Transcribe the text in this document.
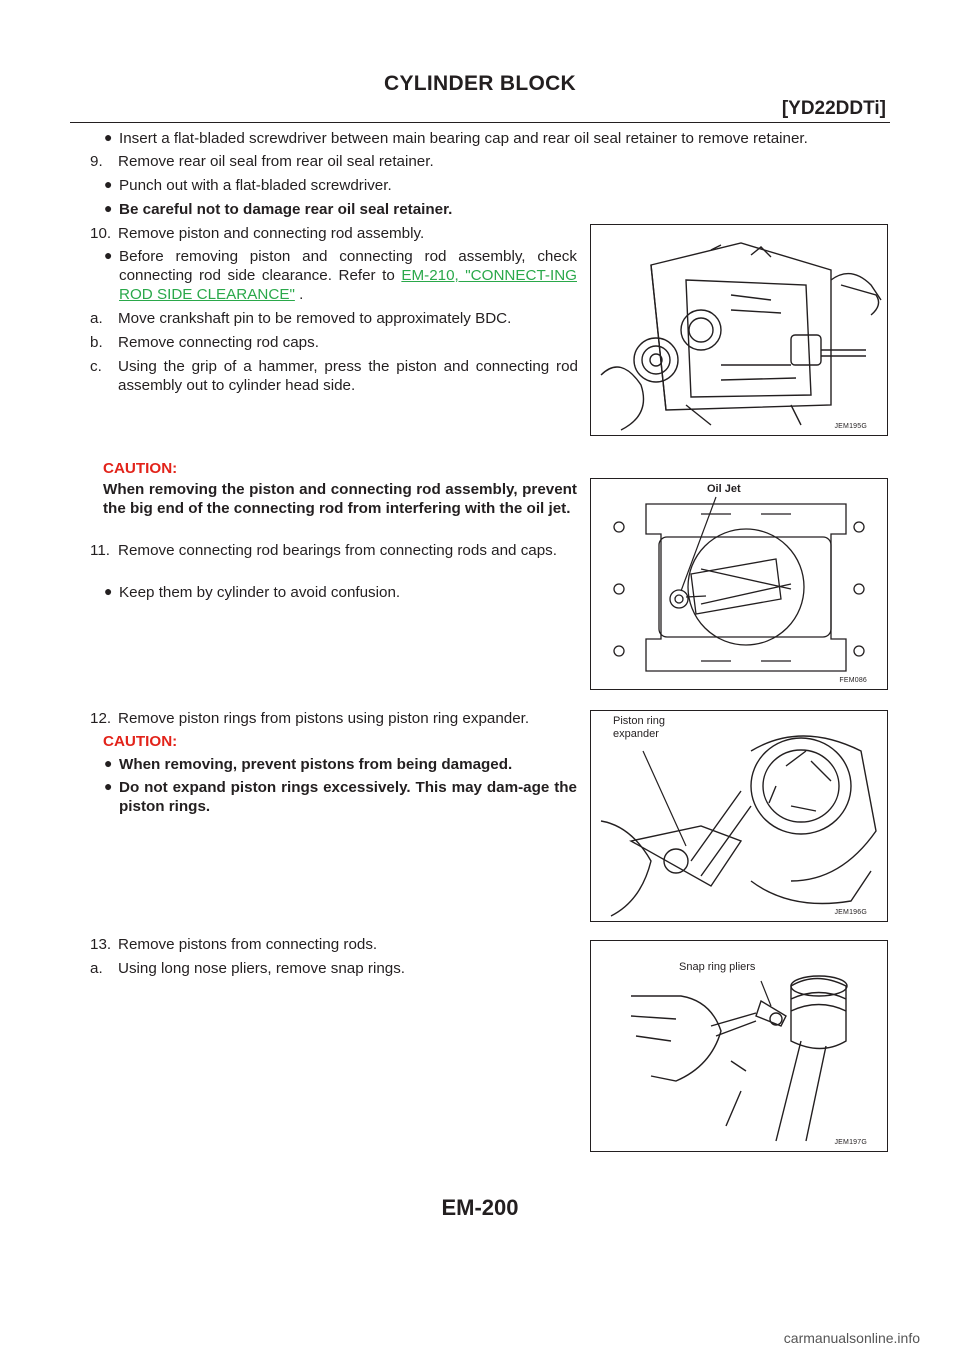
CYLINDER BLOCK
[YD22DDTi]
● Insert a flat-bladed screwdriver between main bearing cap and rear oil seal retainer to remove retainer.
9. Remove rear oil seal from rear oil seal retainer.
● Punch out with a flat-bladed screwdriver.
● Be careful not to damage rear oil seal retainer.
10. Remove piston and connecting rod assembly.
● Before removing piston and connecting rod assembly, check connecting rod side clearance. Refer to EM-210, "CONNECT-ING ROD SIDE CLEARANCE" .
a. Move crankshaft pin to be removed to approximately BDC.
b. Remove connecting rod caps.
c. Using the grip of a hammer, press the piston and connecting rod assembly out to cylinder head side.
CAUTION:
When removing the piston and connecting rod assembly, prevent the big end of the connecting rod from interfering with the oil jet.
11. Remove connecting rod bearings from connecting rods and caps.
● Keep them by cylinder to avoid confusion.
12. Remove piston rings from pistons using piston ring expander.
CAUTION:
● When removing, prevent pistons from being damaged.
● Do not expand piston rings excessively. This may dam-age the piston rings.
13. Remove pistons from connecting rods.
a. Using long nose pliers, remove snap rings.
JEM195G
Oil Jet
FEM086
Piston ring
expander
JEM196G
Snap ring pliers
JEM197G
EM-200
carmanualsonline.info
